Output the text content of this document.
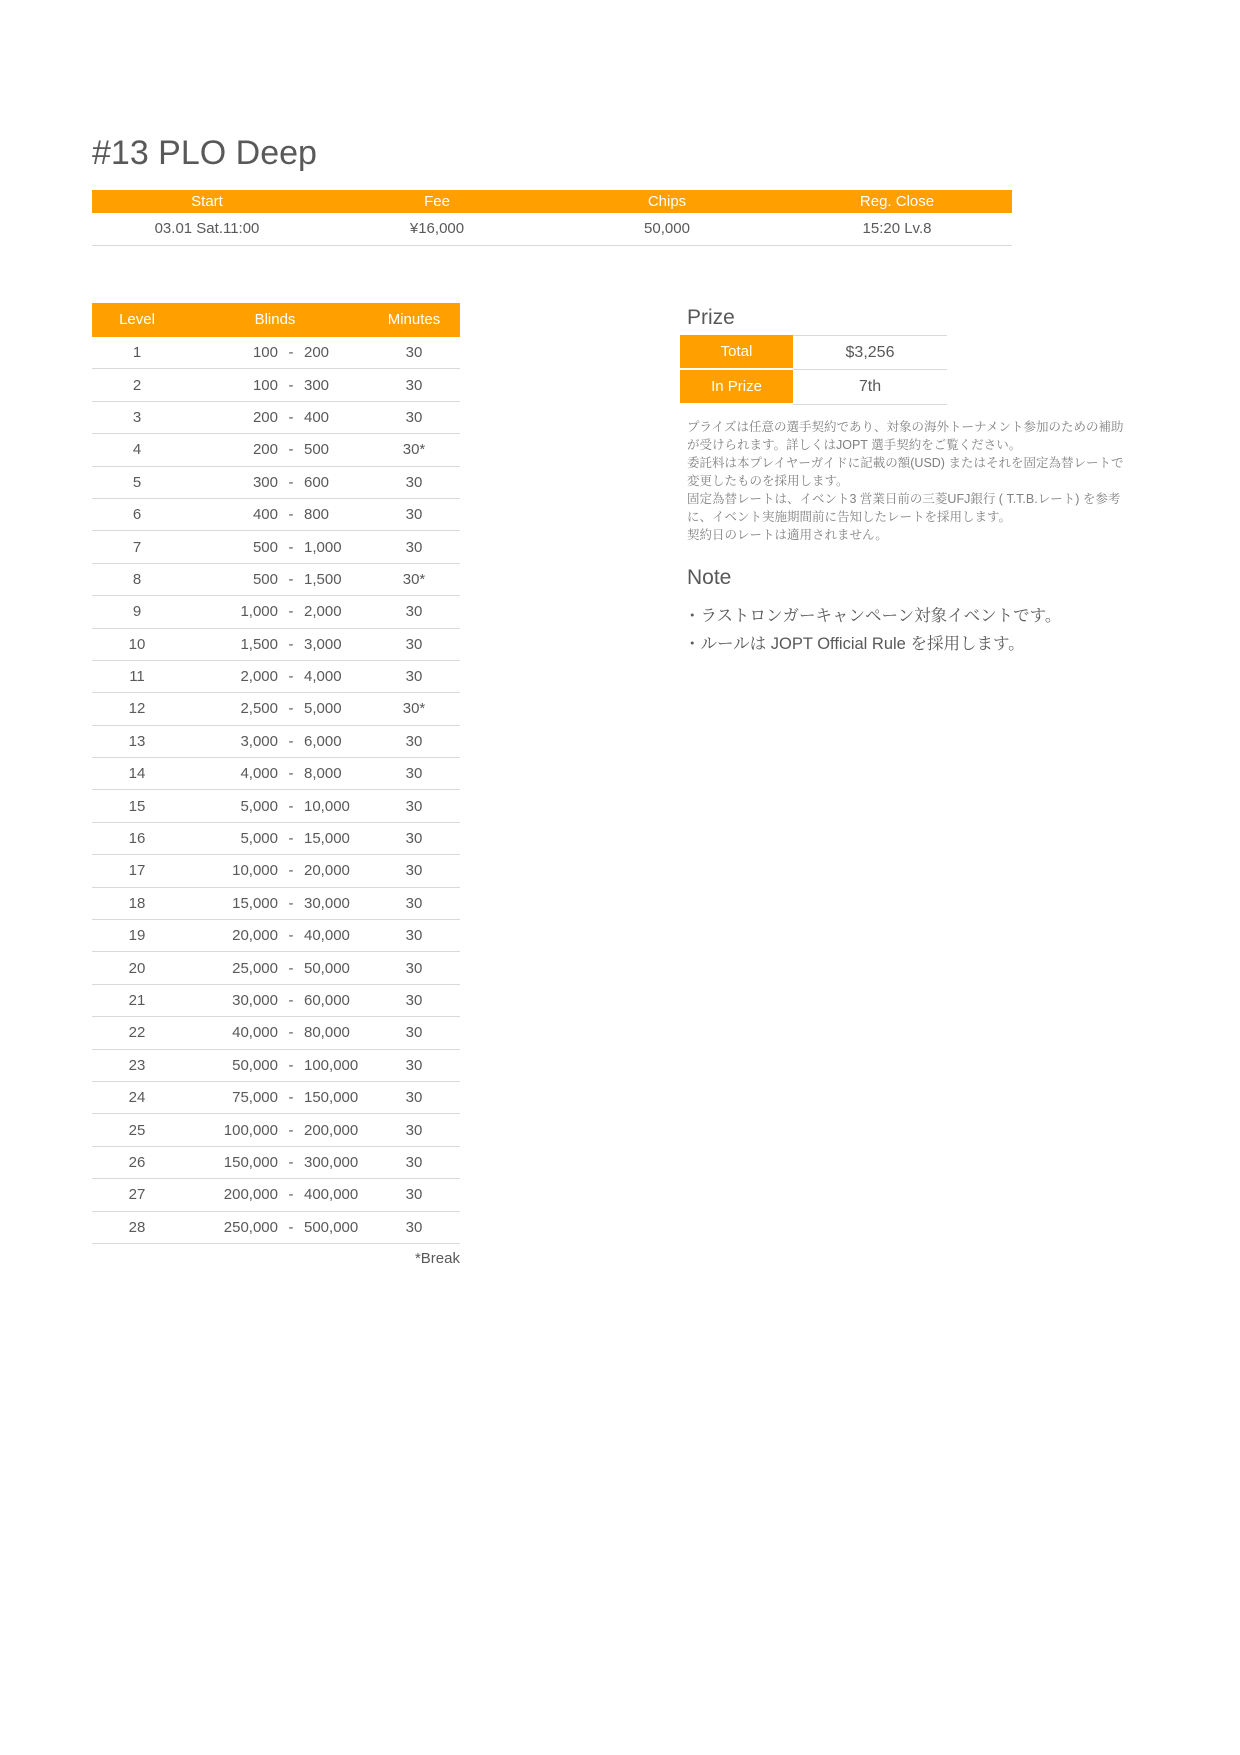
#13 PLO Deep
Start	Fee	Chips	Reg. Close
03.01 Sat.11:00	¥16,000	50,000	15:20 Lv.8
Level	Blinds	Minutes
1	100 - 200	30
2	100 - 300	30
3	200 - 400	30
4	200 - 500	30*
5	300 - 600	30
6	400 - 800	30
7	500 - 1,000	30
8	500 - 1,500	30*
9	1,000 - 2,000	30
10	1,500 - 3,000	30
11	2,000 - 4,000	30
12	2,500 - 5,000	30*
13	3,000 - 6,000	30
14	4,000 - 8,000	30
15	5,000 - 10,000	30
16	5,000 - 15,000	30
17	10,000 - 20,000	30
18	15,000 - 30,000	30
19	20,000 - 40,000	30
20	25,000 - 50,000	30
21	30,000 - 60,000	30
22	40,000 - 80,000	30
23	50,000 - 100,000	30
24	75,000 - 150,000	30
25	100,000 - 200,000	30
26	150,000 - 300,000	30
27	200,000 - 400,000	30
28	250,000 - 500,000	30
*Break
Prize
Total	$3,256
In Prize	7th
プライズは任意の選手契約であり、対象の海外トーナメント参加のための補助が受けられます。詳しくはJOPT 選手契約をご覧ください。
委託料は本プレイヤーガイドに記載の額(USD) またはそれを固定為替レートで変更したものを採用します。
固定為替レートは、イベント3 営業日前の三菱UFJ銀行 ( T.T.B.レート) を参考に、イベント実施期間前に告知したレートを採用します。
契約日のレートは適用されません。
Note
・ラストロンガーキャンペーン対象イベントです。
・ルールは JOPT Official Rule を採用します。
